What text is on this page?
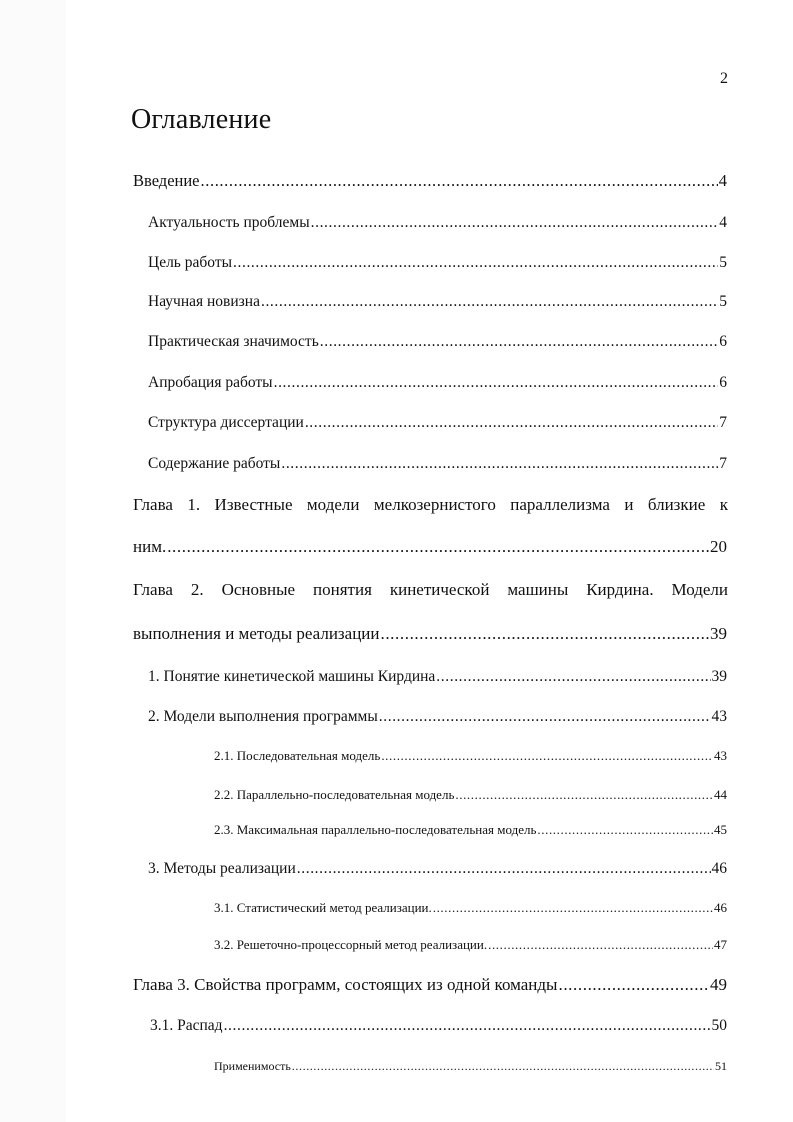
2
Оглавление
Введение .....	4
Актуальность проблемы .....	4
Цель работы .....	5
Научная новизна .....	5
Практическая значимость .....	6
Апробация работы .....	6
Структура диссертации .....	7
Содержание работы .....	7
Глава 1. Известные модели мелкозернистого параллелизма и близкие к
ним. .....	20
Глава 2. Основные понятия кинетической машины Кирдина. Модели
выполнения и методы реализации .....	39
1. Понятие кинетической машины Кирдина .....	39
2. Модели выполнения программы .....	43
2.1. Последовательная модель .....	43
2.2. Параллельно-последовательная модель .....	44
2.3. Максимальная параллельно-последовательная модель .....	45
3. Методы реализации .....	46
3.1. Статистический метод реализации. .....	46
3.2. Решеточно-процессорный метод реализации. .....	47
Глава 3. Свойства программ, состоящих из одной команды .....	49
3.1. Распад .....	50
Применимость .....	51
